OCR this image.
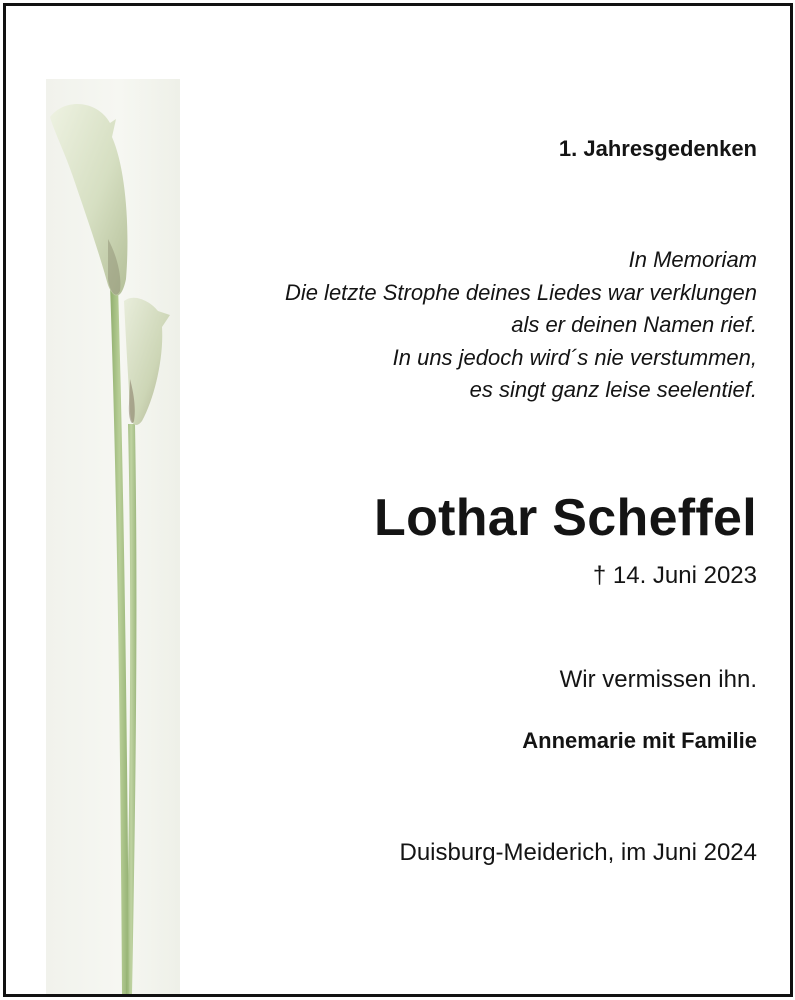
1. Jahresgedenken
In Memoriam
Die letzte Strophe deines Liedes war verklungen
als er deinen Namen rief.
In uns jedoch wird´s nie verstummen,
es singt ganz leise seelentief.
Lothar Scheffel
† 14. Juni 2023
Wir vermissen ihn.
Annemarie mit Familie
Duisburg-Meiderich, im Juni 2024
